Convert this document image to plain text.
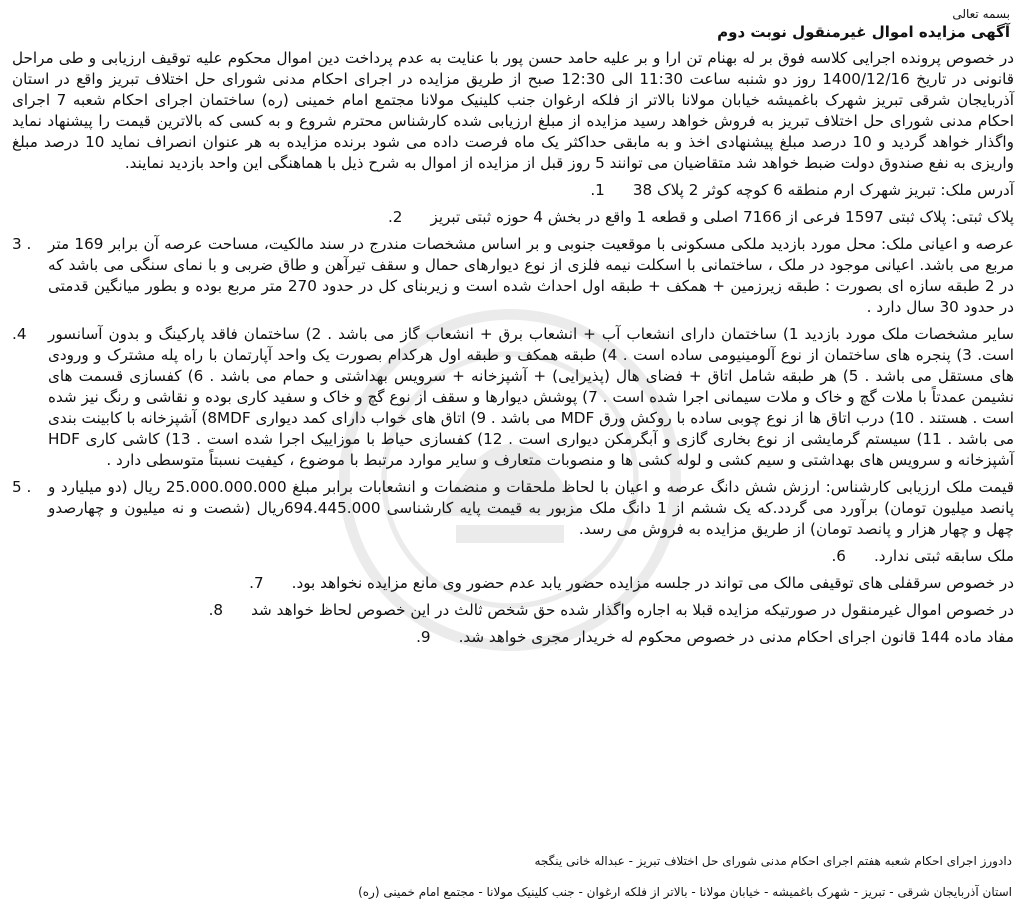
بسمه تعالی
آگهی مزایده اموال غیرمنقول نوبت دوم

در خصوص پرونده اجرایی کلاسه فوق بر له بهنام تن ارا و بر علیه حامد حسن پور با عنایت به عدم پرداخت دین اموال محکوم علیه توقیف ارزیابی و طی مراحل قانونی در تاریخ 1400/12/16 روز دو شنبه ساعت 11:30 الی 12:30 صبح از طریق مزایده در اجرای احکام مدنی شورای حل اختلاف تبریز واقع در استان آذربایجان شرقی تبریز شهرک باغمیشه خیابان مولانا بالاتر از فلکه ارغوان جنب کلینیک مولانا مجتمع امام خمینی (ره) ساختمان اجرای احکام شعبه 7 اجرای احکام مدنی شورای حل اختلاف تبریز به فروش خواهد رسید مزایده از مبلغ ارزیابی شده کارشناس محترم شروع و به کسی که بالاترین قیمت را پیشنهاد نماید واگذار خواهد گردید و 10 درصد مبلغ پیشنهادی اخذ و به مابقی حداکثر یک ماه فرصت داده می شود برنده مزایده به هر عنوان انصراف نماید 10 درصد مبلغ واریزی به نفع صندوق دولت ضبط خواهد شد متقاضیان می توانند 5 روز قبل از مزایده از اموال به شرح ذیل با هماهنگی این واحد بازدید نمایند.

آدرس ملک: تبریز شهرک ارم منطقه 6 کوچه کوثر 2 پلاک 38
1.
پلاک ثبتی: پلاک ثبتی 1597 فرعی از 7166 اصلی و قطعه 1 واقع در بخش 4 حوزه ثبتی تبریز
2.
عرصه و اعیانی ملک: محل مورد بازدید ملکی مسکونی با موقعیت جنوبی و بر اساس مشخصات مندرج در سند مالکیت، مساحت عرصه آن برابر 169 متر مربع می باشد. اعیانی موجود در ملک ، ساختمانی با اسکلت نیمه فلزی از نوع دیوارهای حمال و سقف تیرآهن و طاق ضربی و با نمای سنگی می باشد که در 2 طبقه سازه ای بصورت : طبقه زیرزمین + همکف + طبقه اول احداث شده است و زیربنای کل در حدود 270 متر مربع بوده و بطور میانگین قدمتی در حدود 30 سال دارد .
. 3
سایر مشخصات ملک مورد بازدید 1) ساختمان دارای انشعاب آب + انشعاب برق + انشعاب گاز می باشد . 2) ساختمان فاقد پارکینگ و بدون آسانسور است. 3) پنجره های ساختمان از نوع آلومینیومی ساده است . 4) طبقه همکف و طبقه اول هرکدام بصورت یک واحد آپارتمان با راه پله مشترک و ورودی های مستقل می باشد . 5) هر طبقه شامل اتاق + فضای هال (پذیرایی) + آشپزخانه + سرویس بهداشتی و حمام می باشد . 6) کفسازی قسمت های نشیمن عمدتاً با ملات گچ و خاک و ملات سیمانی اجرا شده است . 7) پوشش دیوارها و سقف از نوع گچ و خاک و سفید کاری بوده و نقاشی و رنگ نیز شده است . هستند . 10) درب اتاق ها از نوع چوبی ساده با روکش ورق MDF می باشد . 9) اتاق های خواب دارای کمد دیواری 8MDF) آشپزخانه با کابینت بندی می باشد . 11) سیستم گرمایشی از نوع بخاری گازی و آبگرمکن دیواری است . 12) کفسازی حیاط با موزاییک اجرا شده است . 13) کاشی کاری HDF آشپزخانه و سرویس های بهداشتی و سیم کشی و لوله کشی ها و منصوبات متعارف و سایر موارد مرتبط با موضوع ، کیفیت نسبتاً متوسطی دارد .
4.
قیمت ملک ارزیابی کارشناس: ارزش شش دانگ عرصه و اعیان با لحاظ ملحقات و منضمات و انشعابات برابر مبلغ 25.000.000.000 ریال (دو میلیارد و پانصد میلیون تومان) برآورد می گردد.که یک ششم از 1 دانگ ملک مزبور به قیمت پایه کارشناسی 694.445.000ریال (شصت و نه میلیون و چهارصدو چهل و چهار هزار و پانصد تومان) از طریق مزایده به فروش می رسد.
. 5
ملک سابقه ثبتی ندارد.
6.
در خصوص سرقفلی های توقیفی مالک می تواند در جلسه مزایده حضور یابد عدم حضور وی مانع مزایده نخواهد بود.
7.
در خصوص اموال غیرمنقول در صورتیکه مزایده قبلا به اجاره واگذار شده حق شخص ثالث در این خصوص لحاظ خواهد شد
8.
مفاد ماده 144 قانون اجرای احکام مدنی در خصوص محکوم له خریدار مجری خواهد شد.
9.
دادورز اجرای احکام شعبه هفتم اجرای احکام مدنی شورای حل اختلاف تبریز - عبداله خانی ینگجه
استان آذربایجان شرقی - تبریز - شهرک باغمیشه - خیابان مولانا - بالاتر از فلکه ارغوان - جنب کلینیک مولانا - مجتمع امام خمینی (ره)
